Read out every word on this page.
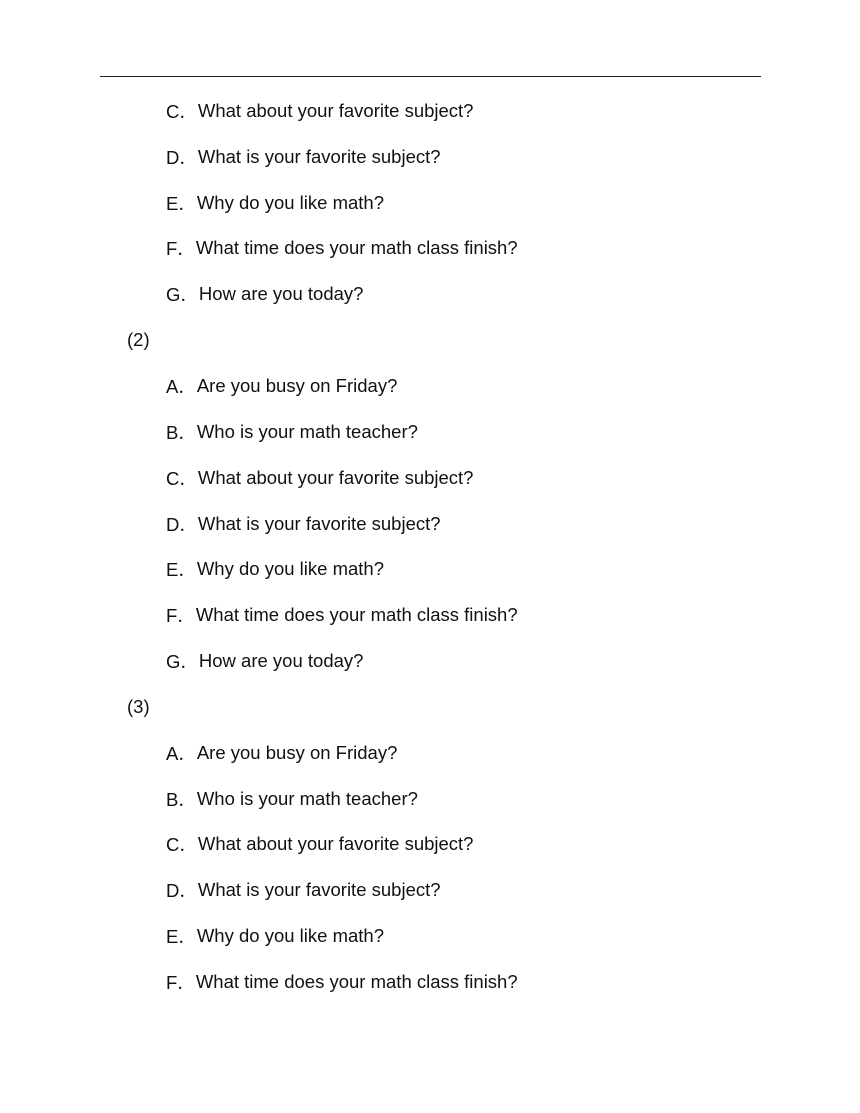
C． What about your favorite subject?
D． What is your favorite subject?
E． Why do you like math?
F． What time does your math class finish?
G． How are you today?
(2)
A． Are you busy on Friday?
B． Who is your math teacher?
C． What about your favorite subject?
D． What is your favorite subject?
E． Why do you like math?
F． What time does your math class finish?
G． How are you today?
(3)
A． Are you busy on Friday?
B． Who is your math teacher?
C． What about your favorite subject?
D． What is your favorite subject?
E． Why do you like math?
F． What time does your math class finish?
